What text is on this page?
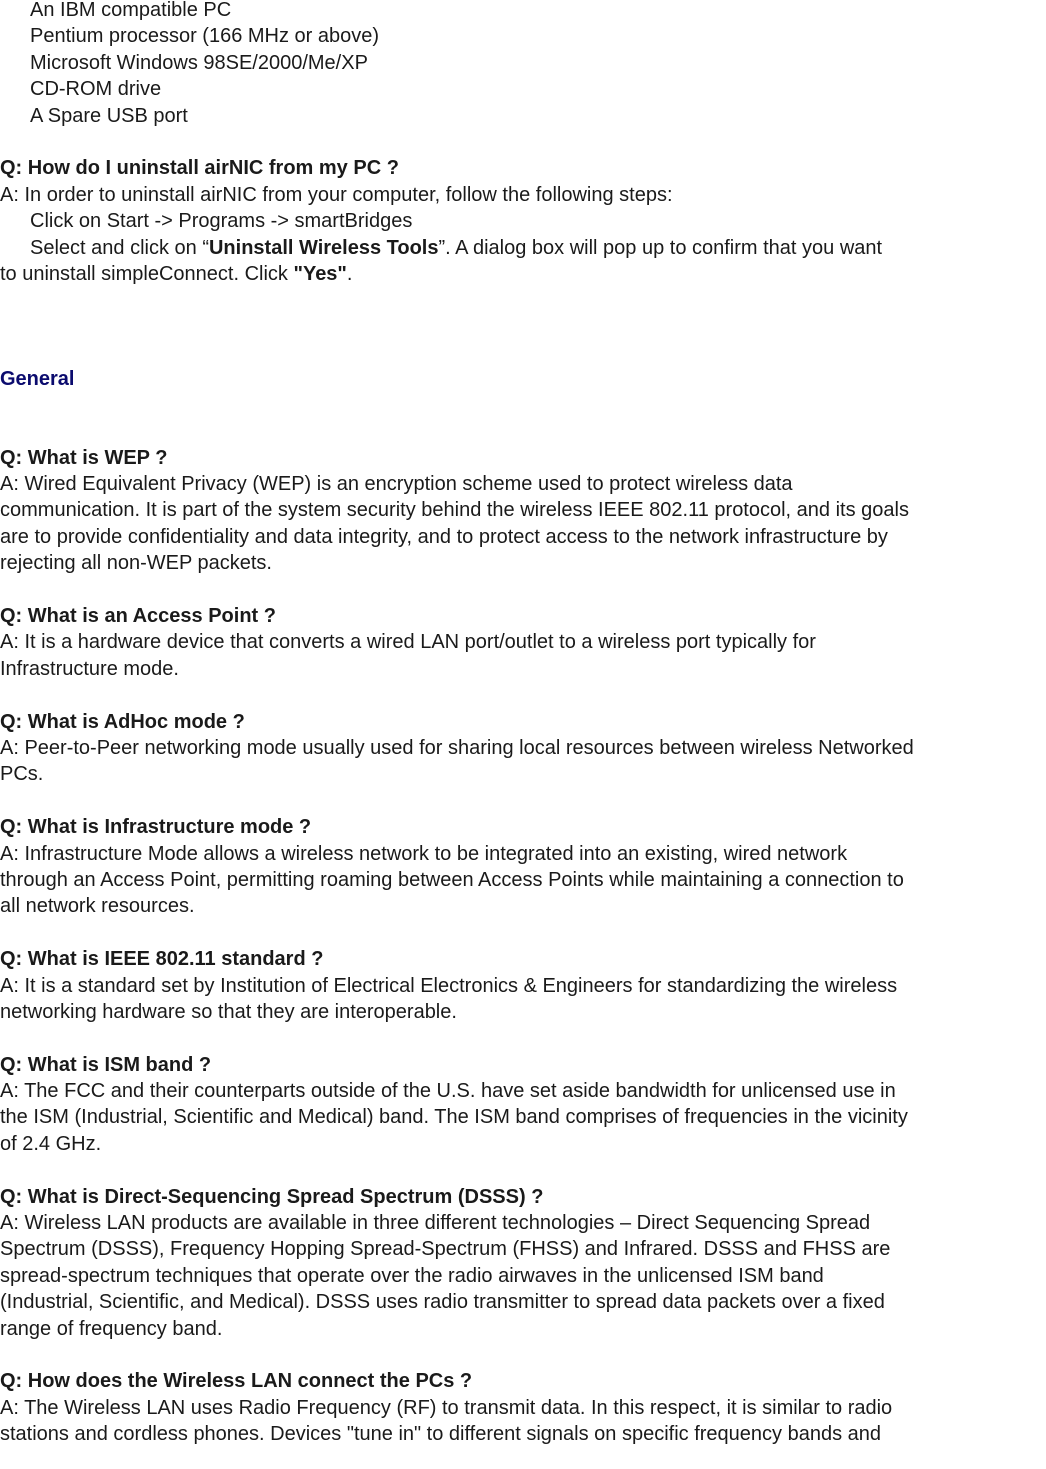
An IBM compatible PC
Pentium processor (166 MHz or above)
Microsoft Windows 98SE/2000/Me/XP
CD-ROM drive
A Spare USB port
Q: How do I uninstall airNIC from my PC ?
A: In order to uninstall airNIC from your computer, follow the following steps:
Click on Start -> Programs -> smartBridges
Select and click on “Uninstall Wireless Tools”. A dialog box will pop up to confirm that you want
to uninstall simpleConnect. Click "Yes".
General
Q: What is WEP ?
A: Wired Equivalent Privacy (WEP) is an encryption scheme used to protect wireless data
communication. It is part of the system security behind the wireless IEEE 802.11 protocol, and its goals
are to provide confidentiality and data integrity, and to protect access to the network infrastructure by
rejecting all non-WEP packets.
Q: What is an Access Point ?
A: It is a hardware device that converts a wired LAN port/outlet to a wireless port typically for
Infrastructure mode.
Q: What is AdHoc mode ?
A: Peer-to-Peer networking mode usually used for sharing local resources between wireless Networked
PCs.
Q: What is Infrastructure mode ?
A: Infrastructure Mode allows a wireless network to be integrated into an existing, wired network
through an Access Point, permitting roaming between Access Points while maintaining a connection to
all network resources.
Q: What is IEEE 802.11 standard ?
A: It is a standard set by Institution of Electrical Electronics & Engineers for standardizing the wireless
networking hardware so that they are interoperable.
Q: What is ISM band ?
A: The FCC and their counterparts outside of the U.S. have set aside bandwidth for unlicensed use in
the ISM (Industrial, Scientific and Medical) band. The ISM band comprises of frequencies in the vicinity
of 2.4 GHz.
Q: What is Direct-Sequencing Spread Spectrum (DSSS) ?
A: Wireless LAN products are available in three different technologies – Direct Sequencing Spread
Spectrum (DSSS), Frequency Hopping Spread-Spectrum (FHSS) and Infrared. DSSS and FHSS are
spread-spectrum techniques that operate over the radio airwaves in the unlicensed ISM band
(Industrial, Scientific, and Medical). DSSS uses radio transmitter to spread data packets over a fixed
range of frequency band.
Q: How does the Wireless LAN connect the PCs ?
A: The Wireless LAN uses Radio Frequency (RF) to transmit data. In this respect, it is similar to radio
stations and cordless phones. Devices "tune in" to different signals on specific frequency bands and
